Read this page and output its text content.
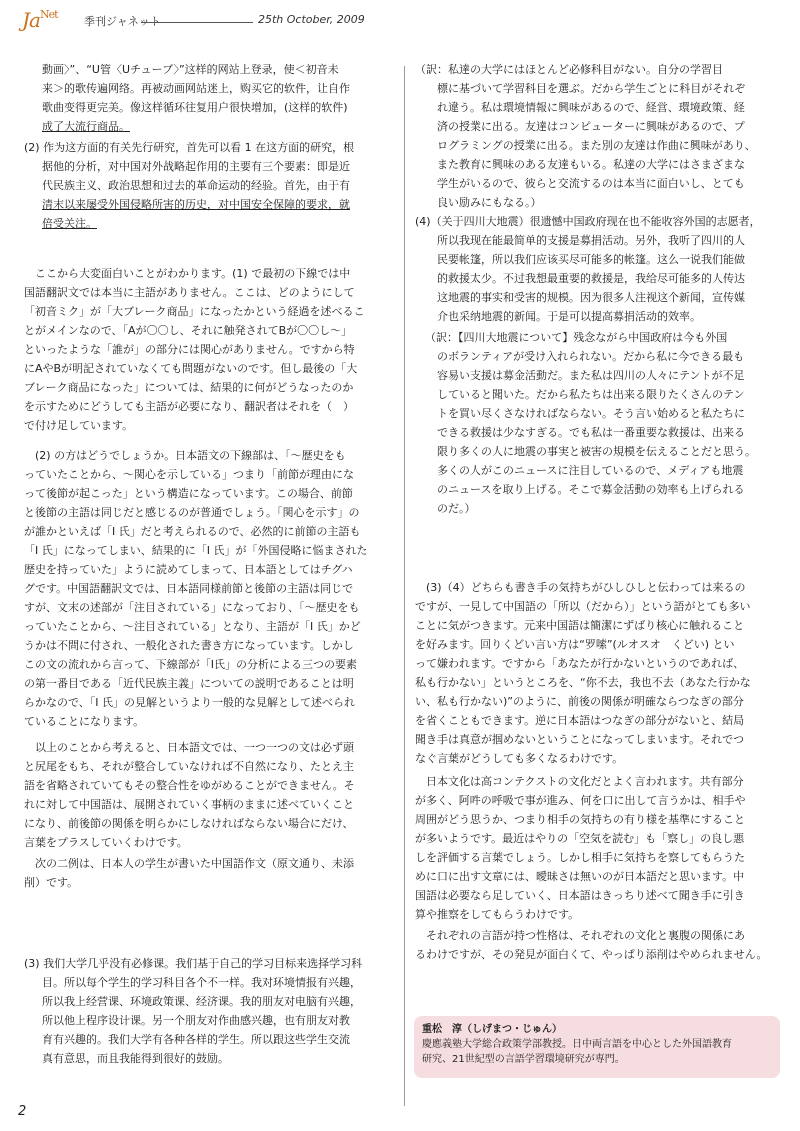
$Ja^{Net}$
季刊ジャネット	25th October, 2009
動画〉”、“U管〈Uチューブ〉”这样的网站上登录，使＜初音未
来＞的歌传遍网络。再被动画网站迷上，购买它的软件，让自作
歌曲变得更完美。像这样循环往复用户很快增加，(这样的软件)
成了大流行商品。
(2) 作为这方面的有关先行研究，首先可以看 1 在这方面的研究，根
据他的分析，对中国对外战略起作用的主要有三个要素：即是近
代民族主义、政治思想和过去的革命运动的经验。首先，由于有
清末以来屡受外国侵略所害的历史，对中国安全保障的要求，就
倍受关注。
ここから大変面白いことがわかります。(1) で最初の下線では中
国語翻訳文では本当に主語がありません。ここは、どのようにして
「初音ミク」が「大ブレーク商品」になったかという経過を述べるこ
とがメインなので、「Aが〇〇し、それに触発されてBが〇〇し〜」
といったような「誰が」の部分には関心がありません。ですから特
にAやBが明記されていなくても問題がないのです。但し最後の「大
ブレーク商品になった」については、結果的に何がどうなったのか
を示すためにどうしても主語が必要になり、翻訳者はそれを（　）
で付け足しています。
(2) の方はどうでしょうか。日本語文の下線部は、「〜歴史をも
っていたことから、〜関心を示している」つまり「前節が理由にな
って後節が起こった」という構造になっています。この場合、前節
と後節の主語は同じだと感じるのが普通でしょう。「関心を示す」の
が誰かといえば「I 氏」だと考えられるので、必然的に前節の主語も
「I 氏」になってしまい、結果的に「I 氏」が「外国侵略に悩まされた
歴史を持っていた」ように読めてしまって、日本語としてはチグハ
グです。中国語翻訳文では、日本語同様前節と後節の主語は同じで
すが、文末の述部が「注目されている」になっており、「〜歴史をも
っていたことから、〜注目されている」となり、主語が「I 氏」かど
うかは不問に付され、一般化された書き方になっています。しかし
この文の流れから言って、下線部が「I氏」の分析による三つの要素
の第一番目である「近代民族主義」についての説明であることは明
らかなので、「I 氏」の見解というより一般的な見解として述べられ
ていることになります。
以上のことから考えると、日本語文では、一つ一つの文は必ず頭
と尻尾をもち、それが整合していなければ不自然になり、たとえ主
語を省略されていてもその整合性をゆがめることができません。そ
れに対して中国語は、展開されていく事柄のままに述べていくこと
になり、前後節の関係を明らかにしなければならない場合にだけ、
言葉をプラスしていくわけです。
次の二例は、日本人の学生が書いた中国語作文（原文通り、未添
削）です。
(3) 我们大学几乎没有必修课。我们基于自己的学习目标来选择学习科
目。所以每个学生的学习科目各个不一样。我对环境情报有兴趣，
所以我上经营课、环境政策课、经济课。我的朋友对电脑有兴趣，
所以他上程序设计课。另一个朋友对作曲感兴趣，也有朋友对教
育有兴趣的。我们大学有各种各样的学生。所以跟这些学生交流
真有意思，而且我能得到很好的鼓励。
（訳：私達の大学にはほとんど必修科目がない。自分の学習目
標に基づいて学習科目を選ぶ。だから学生ごとに科目がそれぞ
れ違う。私は環境情報に興味があるので、経営、環境政策、経
済の授業に出る。友達はコンピューターに興味があるので、プ
ログラミングの授業に出る。また別の友達は作曲に興味があり、
また教育に興味のある友達もいる。私達の大学にはさまざまな
学生がいるので、彼らと交流するのは本当に面白いし、とても
良い励みにもなる。）
(4)（关于四川大地震）很遗憾中国政府现在也不能收容外国的志愿者，
所以我现在能最简单的支援是募捐活动。另外，我听了四川的人
民要帐篷，所以我们应该买尽可能多的帐篷。这么一说我们能做
的救援太少。不过我想最重要的救援是，我给尽可能多的人传达
这地震的事实和受害的规模。因为很多人注视这个新闻，宣传媒
介也采纳地震的新闻。于是可以提高募捐活动的效率。
（訳：【四川大地震について】残念ながら中国政府は今も外国
のボランティアが受け入れられない。だから私に今できる最も
容易い支援は募金活動だ。また私は四川の人々にテントが不足
していると聞いた。だから私たちは出来る限りたくさんのテン
トを買い尽くさなければならない。そう言い始めると私たちに
できる救援は少なすぎる。でも私は一番重要な救援は、出来る
限り多くの人に地震の事実と被害の規模を伝えることだと思う。
多くの人がこのニュースに注目しているので、メディアも地震
のニュースを取り上げる。そこで募金活動の効率も上げられる
のだ。）
(3)（4）どちらも書き手の気持ちがひしひしと伝わっては来るの
ですが、一見して中国語の「所以（だから）」という語がとても多い
ことに気がつきます。元来中国語は簡潔にずばり核心に触れること
を好みます。回りくどい言い方は“罗嗦”(ルオスオ　くどい) とい
って嫌われます。ですから「あなたが行かないというのであれば、
私も行かない」というところを、“你不去，我也不去（あなた行かな
い、私も行かない)”のように、前後の関係が明確ならつなぎの部分
を省くこともできます。逆に日本語はつなぎの部分がないと、結局
聞き手は真意が掴めないということになってしまいます。それでつ
なぐ言葉がどうしても多くなるわけです。
日本文化は高コンテクストの文化だとよく言われます。共有部分
が多く、阿吽の呼吸で事が進み、何を口に出して言うかは、相手や
周囲がどう思うか、つまり相手の気持ちの有り様を基準にすること
が多いようです。最近はやりの「空気を読む」も「察し」の良し悪
しを評価する言葉でしょう。しかし相手に気持ちを察してもらうた
めに口に出す文章には、曖昧さは無いのが日本語だと思います。中
国語は必要なら足していく、日本語はきっちり述べて聞き手に引き
算や推察をしてもらうわけです。
それぞれの言語が持つ性格は、それぞれの文化と裏腹の関係にあ
るわけですが、その発見が面白くて、やっぱり添削はやめられません。
重松　淳（しげまつ・じゅん）
慶應義塾大学総合政策学部教授。日中両言語を中心とした外国語教育
研究、21世紀型の言語学習環境研究が専門。
2
